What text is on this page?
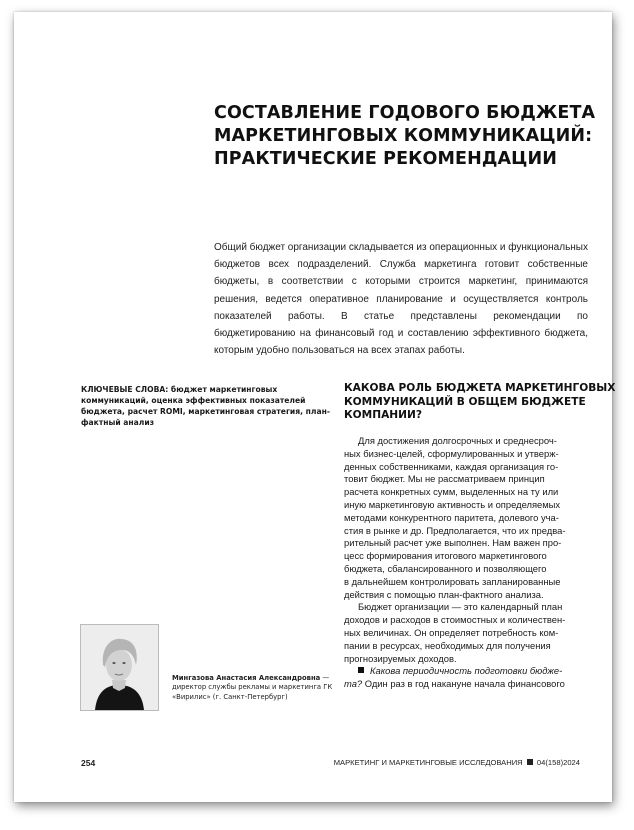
СОСТАВЛЕНИЕ ГОДОВОГО БЮДЖЕТА
МАРКЕТИНГОВЫХ КОММУНИКАЦИЙ:
ПРАКТИЧЕСКИЕ РЕКОМЕНДАЦИИ
Общий бюджет организации складывается из операционных и функциональных бюджетов всех подразделений. Служба маркетинга готовит собственные бюджеты, в соответствии с которыми строится маркетинг, принимаются решения, ведется оперативное планирование и осуществляется контроль показателей работы. В статье представлены рекомендации по бюджетированию на финансовый год и составлению эффективного бюджета, которым удобно пользоваться на всех этапах работы.
КЛЮЧЕВЫЕ СЛОВА: бюджет маркетинговых коммуникаций, оценка эффективных показателей бюджета, расчет ROMI, маркетинговая стратегия, план-фактный анализ
КАКОВА РОЛЬ БЮДЖЕТА МАРКЕТИНГОВЫХ
КОММУНИКАЦИЙ В ОБЩЕМ БЮДЖЕТЕ
КОМПАНИИ?
Для достижения долгосрочных и среднесроч-
ных бизнес-целей, сформулированных и утверж-
денных собственниками, каждая организация го-
товит бюджет. Мы не рассматриваем принцип
расчета конкретных сумм, выделенных на ту или
иную маркетинговую активность и определяемых
методами конкурентного паритета, долевого уча-
стия в рынке и др. Предполагается, что их предва-
рительный расчет уже выполнен. Нам важен про-
цесс формирования итогового маркетингового
бюджета, сбалансированного и позволяющего
в дальнейшем контролировать запланированные
действия с помощью план-фактного анализа.
Бюджет организации — это календарный план
доходов и расходов в стоимостных и количествен-
ных величинах. Он определяет потребность ком-
пании в ресурсах, необходимых для получения
прогнозируемых доходов.
Какова периодичность подготовки бюдже-
та? Один раз в год накануне начала финансового
Мингазова Анастасия Александровна — директор службы рекламы и маркетинга ГК «Вирилис» (г. Санкт-Петербург)
254	МАРКЕТИНГ И МАРКЕТИНГОВЫЕ ИССЛЕДОВАНИЯ 04(158)2024
